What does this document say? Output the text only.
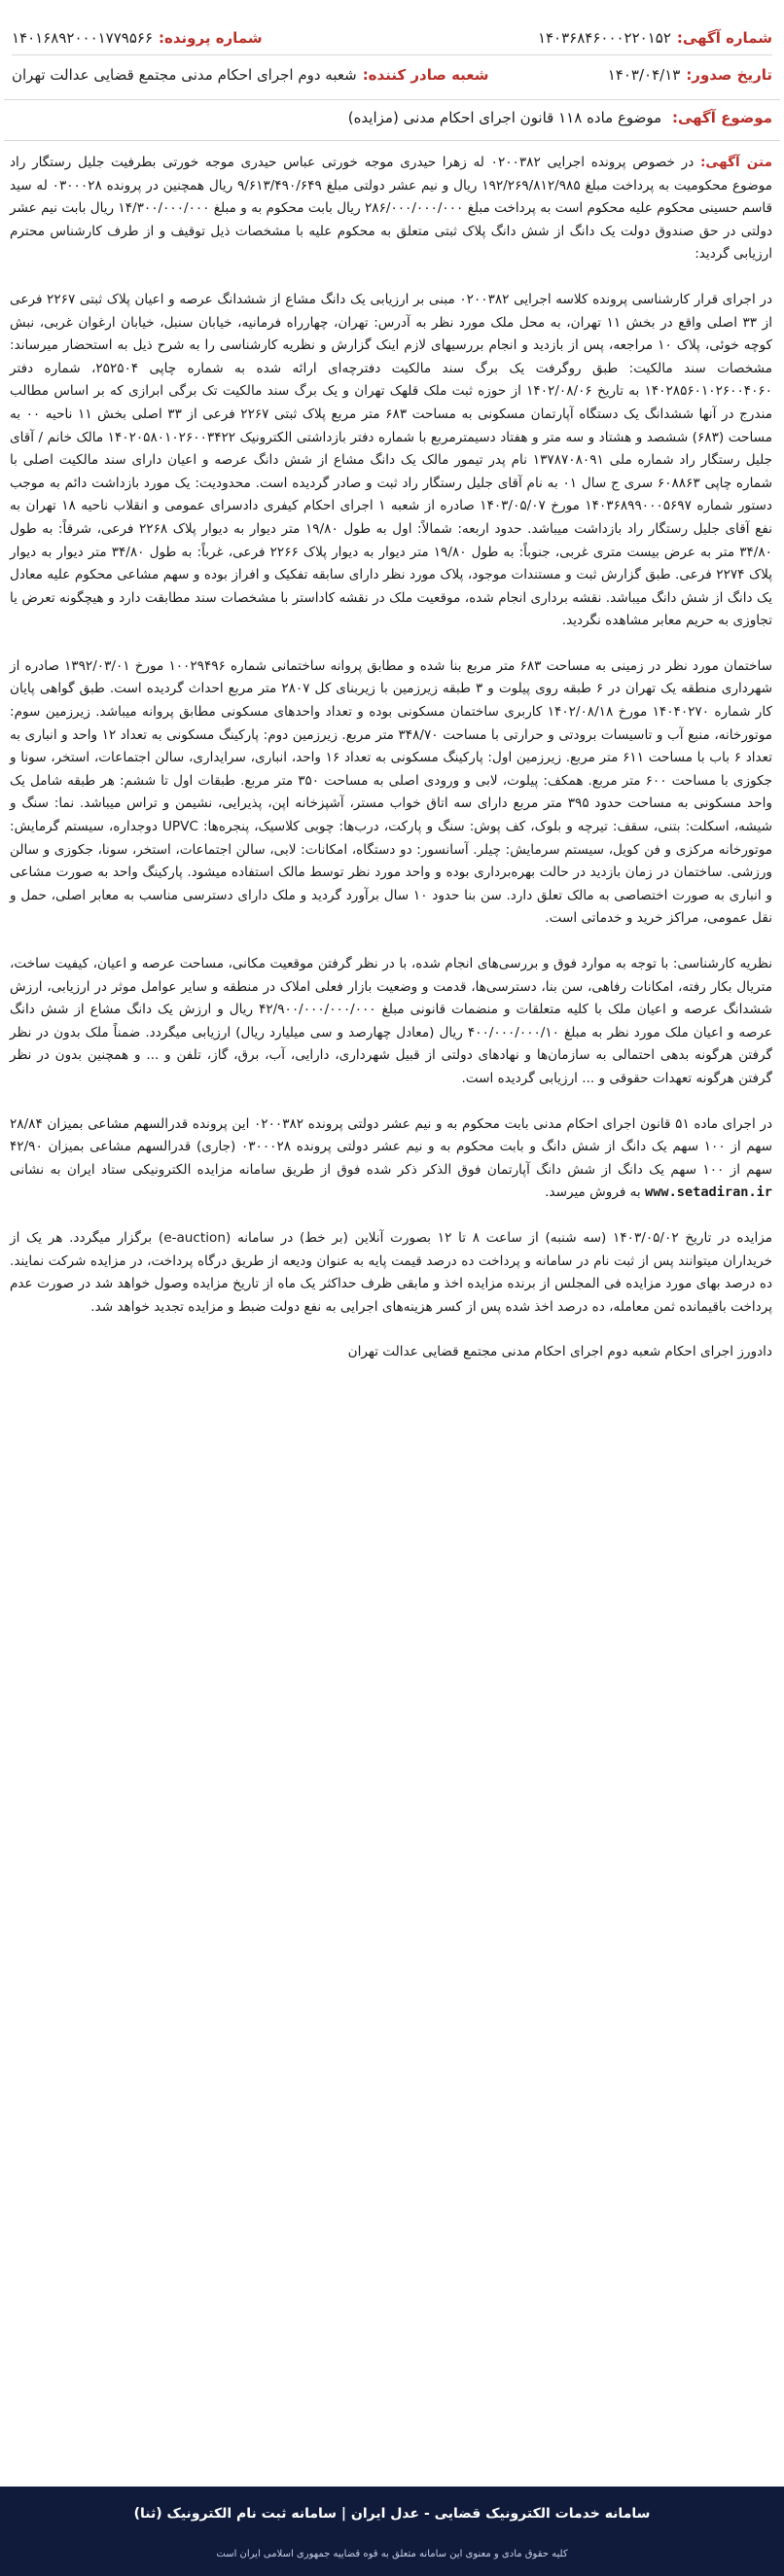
شماره آگهی:
۱۴۰۳۶۸۴۶۰۰۰۲۲۰۱۵۲
شماره پرونده:
۱۴۰۱۶۸۹۲۰۰۰۱۷۷۹۵۶۶
تاریخ صدور:
۱۴۰۳/۰۴/۱۳
شعبه صادر کننده:
شعبه دوم اجرای احکام مدنی مجتمع قضایی عدالت تهران
موضوع آگهی: موضوع ماده ۱۱۸ قانون اجرای احکام مدنی (مزایده)

متن آگهی: در خصوص پرونده اجرایی ۰۲۰۰۳۸۲ له زهرا حیدری موجه خورتی عباس حیدری موجه خورتی بطرفیت جلیل رستگار راد موضوع محکومیت به پرداخت مبلغ ۱۹۲/۲۶۹/۸۱۲/۹۸۵ ریال و نیم عشر دولتی مبلغ ۹/۶۱۳/۴۹۰/۶۴۹ ریال همچنین در پرونده ۰۳۰۰۰۲۸ له سید قاسم حسینی محکوم علیه محکوم است به پرداخت مبلغ ۲۸۶/۰۰۰/۰۰۰/۰۰۰ ریال بابت محکوم به و مبلغ ۱۴/۳۰۰/۰۰۰/۰۰۰ ریال بابت نیم عشر دولتی در حق صندوق دولت یک دانگ از شش دانگ پلاک ثبتی متعلق به محکوم علیه با مشخصات ذیل توقیف و از طرف کارشناس محترم ارزیابی گردید:

در اجرای قرار کارشناسی پرونده کلاسه اجرایی ۰۲۰۰۳۸۲ مبنی بر ارزیابی یک دانگ مشاع از ششدانگ عرصه و اعیان پلاک ثبتی ۲۲۶۷ فرعی از ۳۳ اصلی واقع در بخش ۱۱ تهران، به محل ملک مورد نظر به آدرس: تهران، چهارراه فرمانیه، خیابان سنبل، خیابان ارغوان غربی، نبش کوچه خوئی، پلاک ۱۰ مراجعه، پس از بازدید و انجام بررسیهای لازم اینک گزارش و نظریه کارشناسی را به شرح ذیل به استحضار میرساند: مشخصات سند مالکیت: طبق روگرفت یک برگ سند مالکیت دفترچه‌ای ارائه شده به شماره چاپی ۲۵۲۵۰۴، شماره دفتر ۱۴۰۲۸۵۶۰۱۰۲۶۰۰۴۰۶۰ به تاریخ ۱۴۰۲/۰۸/۰۶ از حوزه ثبت ملک قلهک تهران و یک برگ سند مالکیت تک برگی ابرازی که بر اساس مطالب مندرج در آنها ششدانگ یک دستگاه آپارتمان مسکونی به مساحت ۶۸۳ متر مربع پلاک ثبتی ۲۲۶۷ فرعی از ۳۳ اصلی بخش ۱۱ ناحیه ۰۰ به مساحت (۶۸۳) ششصد و هشتاد و سه متر و هفتاد دسیمترمربع با شماره دفتر بازداشتی الکترونیک ۱۴۰۲۰۵۸۰۱۰۲۶۰۰۳۴۲۲ مالک خانم / آقای جلیل رستگار راد شماره ملی ۱۳۷۸۷۰۸۰۹۱ نام پدر تیمور مالک یک دانگ مشاع از شش دانگ عرصه و اعیان دارای سند مالکیت اصلی با شماره چاپی ۶۰۸۸۶۳ سری ج سال ۰۱ به نام آقای جلیل رستگار راد ثبت و صادر گردیده است. محدودیت: یک مورد بازداشت دائم به موجب دستور شماره ۱۴۰۳۶۸۹۹۰۰۰۵۶۹۷ مورخ ۱۴۰۳/۰۵/۰۷ صادره از شعبه ۱ اجرای احکام کیفری دادسرای عمومی و انقلاب ناحیه ۱۸ تهران به نفع آقای جلیل رستگار راد بازداشت میباشد. حدود اربعه: شمالاً: اول به طول ۱۹/۸۰ متر دیوار به دیوار پلاک ۲۲۶۸ فرعی، شرقاً: به طول ۳۴/۸۰ متر به عرض بیست متری غربی، جنوباً: به طول ۱۹/۸۰ متر دیوار به دیوار پلاک ۲۲۶۶ فرعی، غرباً: به طول ۳۴/۸۰ متر دیوار به دیوار پلاک ۲۲۷۴ فرعی. طبق گزارش ثبت و مستندات موجود، پلاک مورد نظر دارای سابقه تفکیک و افراز بوده و سهم مشاعی محکوم علیه معادل یک دانگ از شش دانگ میباشد. نقشه برداری انجام شده، موقعیت ملک در نقشه کاداستر با مشخصات سند مطابقت دارد و هیچگونه تعرض یا تجاوزی به حریم معابر مشاهده نگردید.

ساختمان مورد نظر در زمینی به مساحت ۶۸۳ متر مربع بنا شده و مطابق پروانه ساختمانی شماره ۱۰۰۲۹۴۹۶ مورخ ۱۳۹۲/۰۳/۰۱ صادره از شهرداری منطقه یک تهران در ۶ طبقه روی پیلوت و ۳ طبقه زیرزمین با زیربنای کل ۲۸۰۷ متر مربع احداث گردیده است. طبق گواهی پایان کار شماره ۱۴۰۴۰۲۷۰ مورخ ۱۴۰۲/۰۸/۱۸ کاربری ساختمان مسکونی بوده و تعداد واحدهای مسکونی مطابق پروانه میباشد. زیرزمین سوم: موتورخانه، منبع آب و تاسیسات برودتی و حرارتی با مساحت ۳۴۸/۷۰ متر مربع. زیرزمین دوم: پارکینگ مسکونی به تعداد ۱۲ واحد و انباری به تعداد ۶ باب با مساحت ۶۱۱ متر مربع. زیرزمین اول: پارکینگ مسکونی به تعداد ۱۶ واحد، انباری، سرایداری، سالن اجتماعات، استخر، سونا و جکوزی با مساحت ۶۰۰ متر مربع. همکف: پیلوت، لابی و ورودی اصلی به مساحت ۳۵۰ متر مربع. طبقات اول تا ششم: هر طبقه شامل یک واحد مسکونی به مساحت حدود ۳۹۵ متر مربع دارای سه اتاق خواب مستر، آشپزخانه اپن، پذیرایی، نشیمن و تراس میباشد. نما: سنگ و شیشه، اسکلت: بتنی، سقف: تیرچه و بلوک، کف پوش: سنگ و پارکت، درب‌ها: چوبی کلاسیک، پنجره‌ها: UPVC دوجداره، سیستم گرمایش: موتورخانه مرکزی و فن کویل، سیستم سرمایش: چیلر. آسانسور: دو دستگاه، امکانات: لابی، سالن اجتماعات، استخر، سونا، جکوزی و سالن ورزشی. ساختمان در زمان بازدید در حالت بهره‌برداری بوده و واحد مورد نظر توسط مالک استفاده میشود. پارکینگ واحد به صورت مشاعی و انباری به صورت اختصاصی به مالک تعلق دارد. سن بنا حدود ۱۰ سال برآورد گردید و ملک دارای دسترسی مناسب به معابر اصلی، حمل و نقل عمومی، مراکز خرید و خدماتی است.

نظریه کارشناسی: با توجه به موارد فوق و بررسی‌های انجام شده، با در نظر گرفتن موقعیت مکانی، مساحت عرصه و اعیان، کیفیت ساخت، متریال بکار رفته، امکانات رفاهی، سن بنا، دسترسی‌ها، قدمت و وضعیت بازار فعلی املاک در منطقه و سایر عوامل موثر در ارزیابی، ارزش ششدانگ عرصه و اعیان ملک با کلیه متعلقات و منضمات قانونی مبلغ ۴۲/۹۰۰/۰۰۰/۰۰۰/۰۰۰ ریال و ارزش یک دانگ مشاع از شش دانگ عرصه و اعیان ملک مورد نظر به مبلغ ۴۰۰/۰۰۰/۰۰۰/۱۰ ریال (معادل چهارصد و سی میلیارد ریال) ارزیابی میگردد. ضمناً ملک بدون در نظر گرفتن هرگونه بدهی احتمالی به سازمان‌ها و نهادهای دولتی از قبیل شهرداری، دارایی، آب، برق، گاز، تلفن و ... و همچنین بدون در نظر گرفتن هرگونه تعهدات حقوقی و ... ارزیابی گردیده است.

در اجرای ماده ۵۱ قانون اجرای احکام مدنی بابت محکوم به و نیم عشر دولتی پرونده ۰۲۰۰۳۸۲ این پرونده قدرالسهم مشاعی بمیزان ۲۸/۸۴ سهم از ۱۰۰ سهم یک دانگ از شش دانگ و بابت محکوم به و نیم عشر دولتی پرونده ۰۳۰۰۰۲۸ (جاری) قدرالسهم مشاعی بمیزان ۴۲/۹۰ سهم از ۱۰۰ سهم یک دانگ از شش دانگ آپارتمان فوق الذکر ذکر شده فوق از طریق سامانه مزایده الکترونیکی ستاد ایران به نشانی www.setadiran.ir به فروش میرسد.

مزایده در تاریخ ۱۴۰۳/۰۵/۰۲ (سه شنبه) از ساعت ۸ تا ۱۲ بصورت آنلاین (بر خط) در سامانه (e-auction) برگزار میگردد. هر یک از خریداران میتوانند پس از ثبت نام در سامانه و پرداخت ده درصد قیمت پایه به عنوان ودیعه از طریق درگاه پرداخت، در مزایده شرکت نمایند. ده درصد بهای مورد مزایده فی المجلس از برنده مزایده اخذ و مابقی ظرف حداکثر یک ماه از تاریخ مزایده وصول خواهد شد در صورت عدم پرداخت باقیمانده ثمن معامله، ده درصد اخذ شده پس از کسر هزینه‌های اجرایی به نفع دولت ضبط و مزایده تجدید خواهد شد.

دادورز اجرای احکام شعبه دوم اجرای احکام مدنی مجتمع قضایی عدالت تهران

سامانه خدمات الکترونیک قضایی - عدل ایران | سامانه ثبت نام الکترونیک (ثنا)
کلیه حقوق مادی و معنوی این سامانه متعلق به قوه قضاییه جمهوری اسلامی ایران است
